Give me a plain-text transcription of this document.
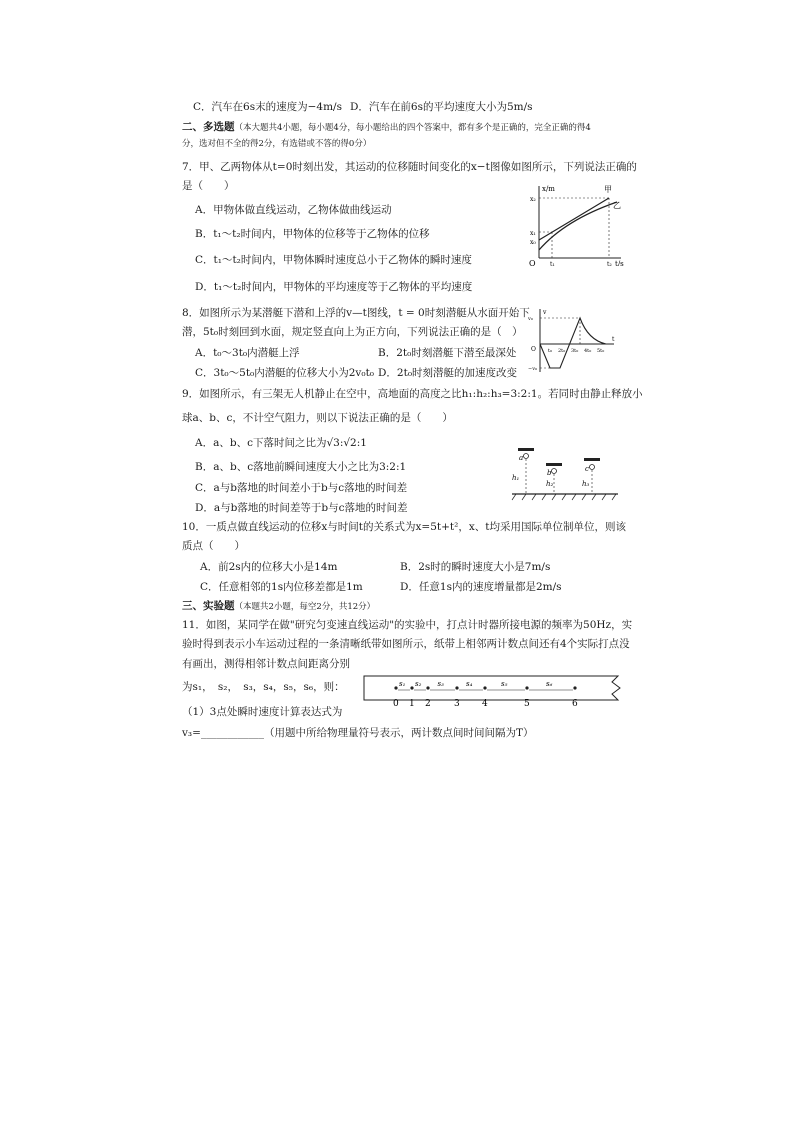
C．汽车在6s末的速度为−4m/s D．汽车在前6s的平均速度大小为5m/s
二、多选题（本大题共4小题，每小题4分，每小题给出的四个答案中，都有多个是正确的，完全正确的得4
分，选对但不全的得2分，有选错或不答的得0分）
7．甲、乙两物体从t=0时刻出发，其运动的位移随时间变化的x−t图像如图所示，下列说法正确的
是（　　）
A．甲物体做直线运动，乙物体做曲线运动
B．t₁～t₂时间内，甲物体的位移等于乙物体的位移
C．t₁～t₂时间内，甲物体瞬时速度总小于乙物体的瞬时速度
D．t₁～t₂时间内，甲物体的平均速度等于乙物体的平均速度
x/m
t/s
O
甲
乙
x₂
x₁
x₀
t₁	t₂
8．如图所示为某潜艇下潜和上浮的v—t图线，t = 0时刻潜艇从水面开始下
潜，5t₀时刻回到水面，规定竖直向上为正方向，下列说法正确的是（　）
A．t₀～3t₀内潜艇上浮	B．2t₀时刻潜艇下潜至最深处
C．3t₀～5t₀内潜艇的位移大小为2v₀t₀ D．2t₀时刻潜艇的加速度改变
v
t
O
v₀
−v₀
t₀ 2t₀ 3t₀ 4t₀ 5t₀
9．如图所示，有三架无人机静止在空中，高地面的高度之比h₁:h₂:h₃=3:2:1。若同时由静止释放小
球a、b、c，不计空气阻力，则以下说法正确的是（　　）
A．a、b、c下落时间之比为√3:√2:1
B．a、b、c落地前瞬间速度大小之比为3:2:1
C．a与b落地的时间差小于b与c落地的时间差
D．a与b落地的时间差等于b与c落地的时间差
a
b	c
h₁
h₂	h₃
10．一质点做直线运动的位移x与时间t的关系式为x=5t+t²，x、t均采用国际单位制单位，则该
质点（　　）
A．前2s内的位移大小是14m	B．2s时的瞬时速度大小是7m/s
C．任意相邻的1s内位移差都是1m	D．任意1s内的速度增量都是2m/s
三、实验题（本题共2小题，每空2分，共12分）
11．如图，某同学在做"研究匀变速直线运动"的实验中，打点计时器所接电源的频率为50Hz，实
验时得到表示小车运动过程的一条清晰纸带如图所示，纸带上相邻两计数点间还有4个实际打点没
有画出，测得相邻计数点间距离分别
为s₁，　s₂，　s₃，s₄，s₅，s₆，则：
（1）3点处瞬时速度计算表达式为
v₃=____________（用题中所给物理量符号表示，两计数点间时间间隔为T）
0 1 2	3 4	5	6
s₁ s₂ s₃	s₄	s₅	s₆
